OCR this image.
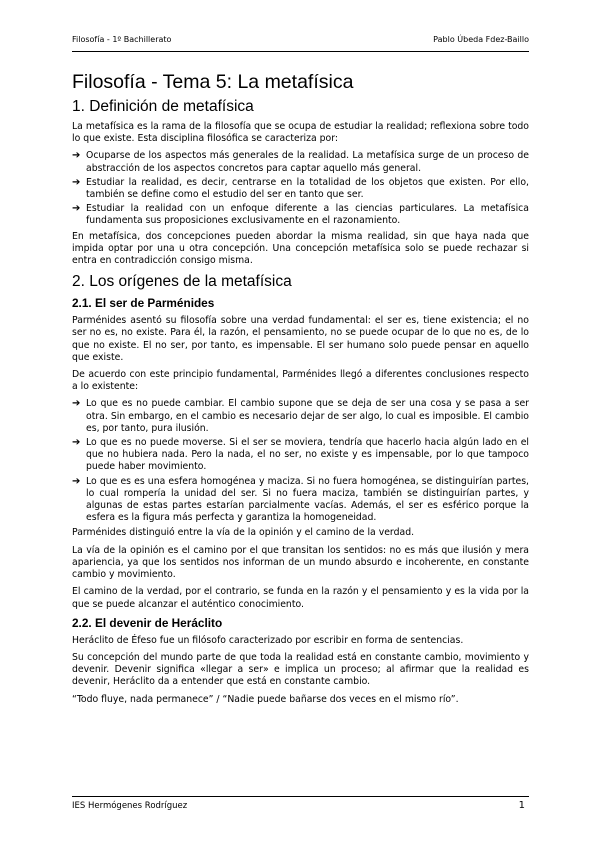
Filosofía - 1º Bachillerato	Pablo Úbeda Fdez-Baillo
Filosofía - Tema 5: La metafísica
1. Definición de metafísica

La metafísica es la rama de la filosofía que se ocupa de estudiar la realidad; reflexiona sobre todo lo que existe. Esta disciplina filosófica se caracteriza por:

➔ Ocuparse de los aspectos más generales de la realidad. La metafísica surge de un proceso de abstracción de los aspectos concretos para captar aquello más general.
➔ Estudiar la realidad, es decir, centrarse en la totalidad de los objetos que existen. Por ello, también se define como el estudio del ser en tanto que ser.
➔ Estudiar la realidad con un enfoque diferente a las ciencias particulares. La metafísica fundamenta sus proposiciones exclusivamente en el razonamiento.

En metafísica, dos concepciones pueden abordar la misma realidad, sin que haya nada que impida optar por una u otra concepción. Una concepción metafísica solo se puede rechazar si entra en contradicción consigo misma.

2. Los orígenes de la metafísica
2.1. El ser de Parménides

Parménides asentó su filosofía sobre una verdad fundamental: el ser es, tiene existencia; el no ser no es, no existe. Para él, la razón, el pensamiento, no se puede ocupar de lo que no es, de lo que no existe. El no ser, por tanto, es impensable. El ser humano solo puede pensar en aquello que existe.

De acuerdo con este principio fundamental, Parménides llegó a diferentes conclusiones respecto a lo existente:

➔ Lo que es no puede cambiar. El cambio supone que se deja de ser una cosa y se pasa a ser otra. Sin embargo, en el cambio es necesario dejar de ser algo, lo cual es imposible. El cambio es, por tanto, pura ilusión.
➔ Lo que es no puede moverse. Si el ser se moviera, tendría que hacerlo hacia algún lado en el que no hubiera nada. Pero la nada, el no ser, no existe y es impensable, por lo que tampoco puede haber movimiento.
➔ Lo que es es una esfera homogénea y maciza. Si no fuera homogénea, se distinguirían partes, lo cual rompería la unidad del ser. Si no fuera maciza, también se distinguirían partes, y algunas de estas partes estarían parcialmente vacías. Además, el ser es esférico porque la esfera es la figura más perfecta y garantiza la homogeneidad.

Parménides distinguió entre la vía de la opinión y el camino de la verdad.

La vía de la opinión es el camino por el que transitan los sentidos: no es más que ilusión y mera apariencia, ya que los sentidos nos informan de un mundo absurdo e incoherente, en constante cambio y movimiento.

El camino de la verdad, por el contrario, se funda en la razón y el pensamiento y es la vida por la que se puede alcanzar el auténtico conocimiento.

2.2. El devenir de Heráclito

Heráclito de Éfeso fue un filósofo caracterizado por escribir en forma de sentencias.

Su concepción del mundo parte de que toda la realidad está en constante cambio, movimiento y devenir. Devenir significa «llegar a ser» e implica un proceso; al afirmar que la realidad es devenir, Heráclito da a entender que está en constante cambio.

“Todo fluye, nada permanece” / “Nadie puede bañarse dos veces en el mismo río”.

IES Hermógenes Rodríguez	1
